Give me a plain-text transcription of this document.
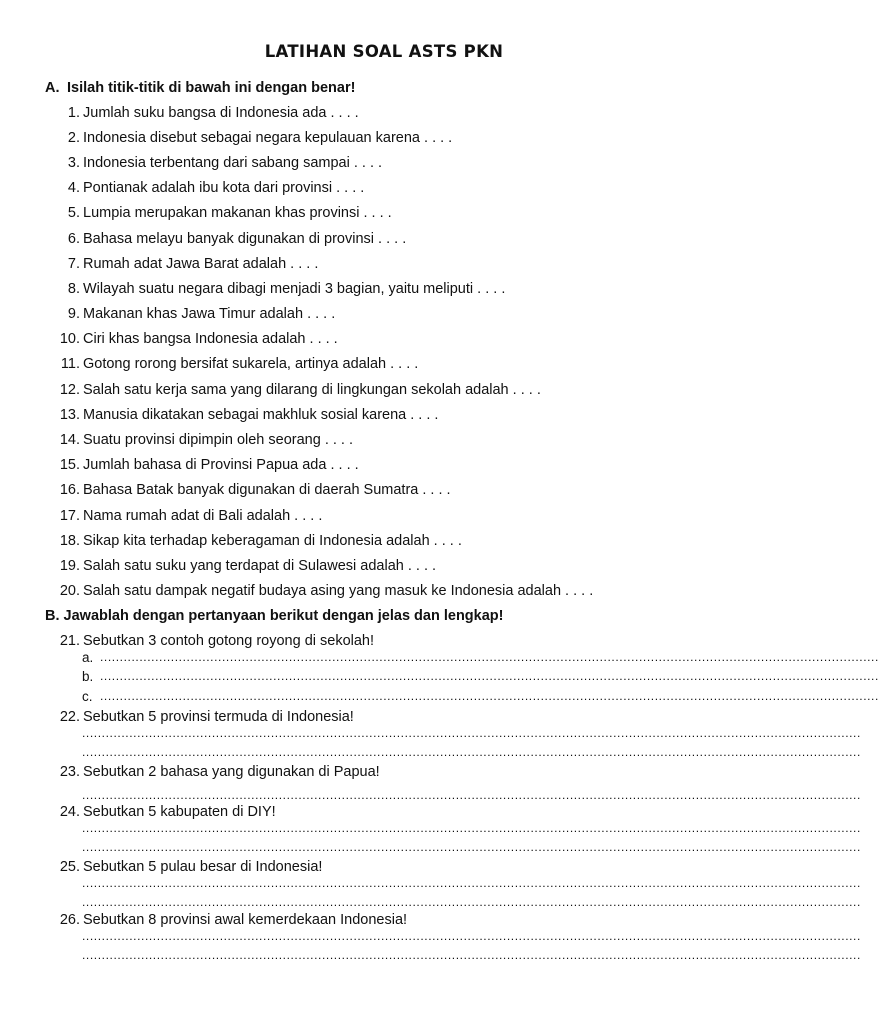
LATIHAN SOAL ASTS PKN
A. Isilah titik-titik di bawah ini dengan benar!
1. Jumlah suku bangsa di Indonesia ada . . . .
2. Indonesia disebut sebagai negara kepulauan karena . . . .
3. Indonesia terbentang dari sabang sampai . . . .
4. Pontianak adalah ibu kota dari provinsi . . . .
5. Lumpia merupakan makanan khas provinsi . . . .
6. Bahasa melayu banyak digunakan di provinsi . . . .
7. Rumah adat Jawa Barat adalah . . . .
8. Wilayah suatu negara dibagi menjadi 3 bagian, yaitu meliputi . . . .
9. Makanan khas Jawa Timur adalah . . . .
10. Ciri khas bangsa Indonesia adalah . . . .
11. Gotong rorong bersifat sukarela, artinya adalah . . . .
12. Salah satu kerja sama yang dilarang di lingkungan sekolah adalah . . . .
13. Manusia dikatakan sebagai makhluk sosial karena . . . .
14. Suatu provinsi dipimpin oleh seorang . . . .
15. Jumlah bahasa di Provinsi Papua ada . . . .
16. Bahasa Batak banyak digunakan di daerah Sumatra . . . .
17. Nama rumah adat di Bali adalah . . . .
18. Sikap kita terhadap keberagaman di Indonesia adalah . . . .
19. Salah satu suku yang terdapat di Sulawesi adalah . . . .
20. Salah satu dampak negatif budaya asing yang masuk ke Indonesia adalah . . . .
B. Jawablah dengan pertanyaan berikut dengan jelas dan lengkap!
21. Sebutkan 3 contoh gotong royong di sekolah!
a. ......................................................................................................................................................................................................
b. ......................................................................................................................................................................................................
c. ......................................................................................................................................................................................................
22. Sebutkan 5 provinsi termuda di Indonesia!
......................................................................................................................................................................................................
......................................................................................................................................................................................................
23. Sebutkan 2 bahasa yang digunakan di Papua!
......................................................................................................................................................................................................
24. Sebutkan 5 kabupaten di DIY!
......................................................................................................................................................................................................
......................................................................................................................................................................................................
25. Sebutkan 5 pulau besar di Indonesia!
......................................................................................................................................................................................................
......................................................................................................................................................................................................
26. Sebutkan 8 provinsi awal kemerdekaan Indonesia!
......................................................................................................................................................................................................
......................................................................................................................................................................................................
